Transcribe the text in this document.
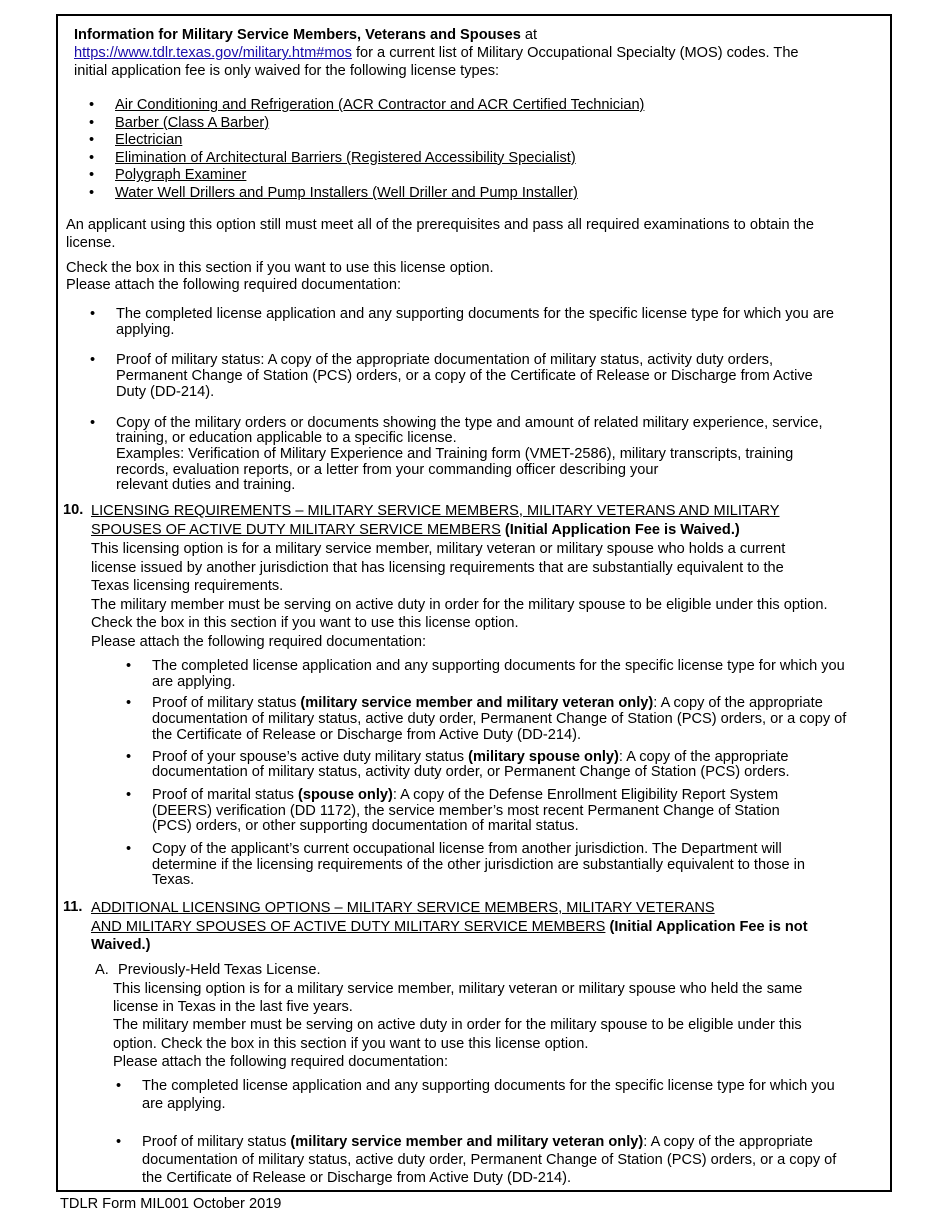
Information for Military Service Members, Veterans and Spouses at
https://www.tdlr.texas.gov/military.htm#mos for a current list of Military Occupational Specialty (MOS) codes. The
initial application fee is only waived for the following license types:
• Air Conditioning and Refrigeration (ACR Contractor and ACR Certified Technician)
• Barber (Class A Barber)
• Electrician
• Elimination of Architectural Barriers (Registered Accessibility Specialist)
• Polygraph Examiner
• Water Well Drillers and Pump Installers (Well Driller and Pump Installer)
An applicant using this option still must meet all of the prerequisites and pass all required examinations to obtain the
license.
Check the box in this section if you want to use this license option.
Please attach the following required documentation:
• The completed license application and any supporting documents for the specific license type for which you are
applying.
• Proof of military status: A copy of the appropriate documentation of military status, activity duty orders,
Permanent Change of Station (PCS) orders, or a copy of the Certificate of Release or Discharge from Active
Duty (DD-214).
• Copy of the military orders or documents showing the type and amount of related military experience, service,
training, or education applicable to a specific license.
Examples: Verification of Military Experience and Training form (VMET-2586), military transcripts, training
records, evaluation reports, or a letter from your commanding officer describing your
relevant duties and training.
10. LICENSING REQUIREMENTS – MILITARY SERVICE MEMBERS, MILITARY VETERANS AND MILITARY
SPOUSES OF ACTIVE DUTY MILITARY SERVICE MEMBERS (Initial Application Fee is Waived.)
This licensing option is for a military service member, military veteran or military spouse who holds a current
license issued by another jurisdiction that has licensing requirements that are substantially equivalent to the
Texas licensing requirements.
The military member must be serving on active duty in order for the military spouse to be eligible under this option.
Check the box in this section if you want to use this license option.
Please attach the following required documentation:
• The completed license application and any supporting documents for the specific license type for which you
are applying.
• Proof of military status (military service member and military veteran only): A copy of the appropriate
documentation of military status, active duty order, Permanent Change of Station (PCS) orders, or a copy of
the Certificate of Release or Discharge from Active Duty (DD-214).
• Proof of your spouse’s active duty military status (military spouse only): A copy of the appropriate
documentation of military status, activity duty order, or Permanent Change of Station (PCS) orders.
• Proof of marital status (spouse only): A copy of the Defense Enrollment Eligibility Report System
(DEERS) verification (DD 1172), the service member’s most recent Permanent Change of Station
(PCS) orders, or other supporting documentation of marital status.
• Copy of the applicant’s current occupational license from another jurisdiction. The Department will
determine if the licensing requirements of the other jurisdiction are substantially equivalent to those in
Texas.
11. ADDITIONAL LICENSING OPTIONS – MILITARY SERVICE MEMBERS, MILITARY VETERANS
AND MILITARY SPOUSES OF ACTIVE DUTY MILITARY SERVICE MEMBERS (Initial Application Fee is not
Waived.)
A. Previously-Held Texas License.
This licensing option is for a military service member, military veteran or military spouse who held the same
license in Texas in the last five years.
The military member must be serving on active duty in order for the military spouse to be eligible under this
option. Check the box in this section if you want to use this license option.
Please attach the following required documentation:
• The completed license application and any supporting documents for the specific license type for which you
are applying.
• Proof of military status (military service member and military veteran only): A copy of the appropriate
documentation of military status, active duty order, Permanent Change of Station (PCS) orders, or a copy of
the Certificate of Release or Discharge from Active Duty (DD-214).
TDLR Form MIL001 October 2019
